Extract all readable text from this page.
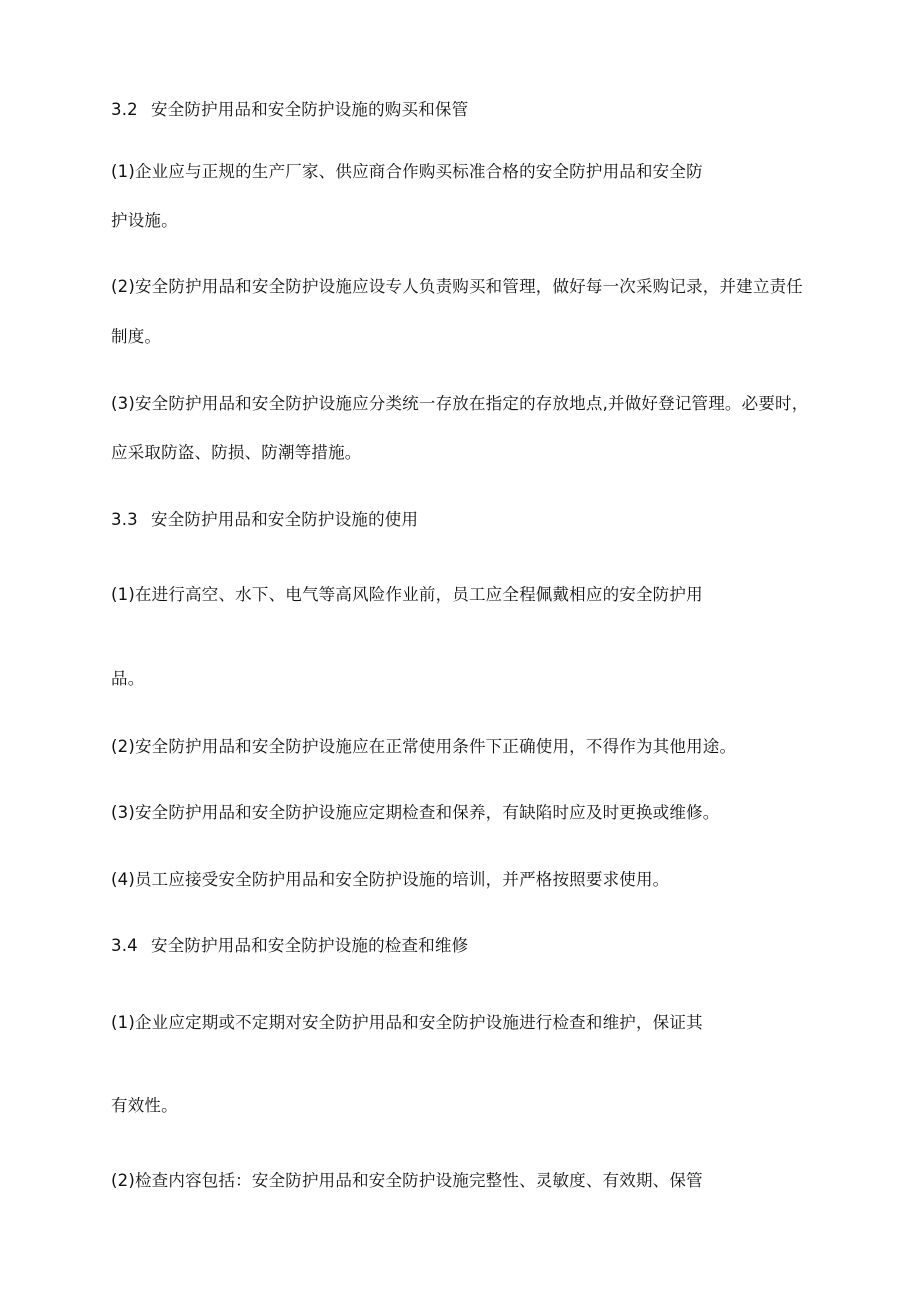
3.2 安全防护用品和安全防护设施的购买和保管
(1)企业应与正规的生产厂家、供应商合作购买标准合格的安全防护用品和安全防
护设施。
(2)安全防护用品和安全防护设施应设专人负责购买和管理，做好每一次采购记录，并建立责任
制度。
(3)安全防护用品和安全防护设施应分类统一存放在指定的存放地点,并做好登记管理。必要时，
应采取防盗、防损、防潮等措施。
3.3 安全防护用品和安全防护设施的使用
(1)在进行高空、水下、电气等高风险作业前，员工应全程佩戴相应的安全防护用
品。
(2)安全防护用品和安全防护设施应在正常使用条件下正确使用，不得作为其他用途。
(3)安全防护用品和安全防护设施应定期检查和保养，有缺陷时应及时更换或维修。
(4)员工应接受安全防护用品和安全防护设施的培训，并严格按照要求使用。
3.4 安全防护用品和安全防护设施的检查和维修
(1)企业应定期或不定期对安全防护用品和安全防护设施进行检查和维护，保证其
有效性。
(2)检查内容包括：安全防护用品和安全防护设施完整性、灵敏度、有效期、保管
